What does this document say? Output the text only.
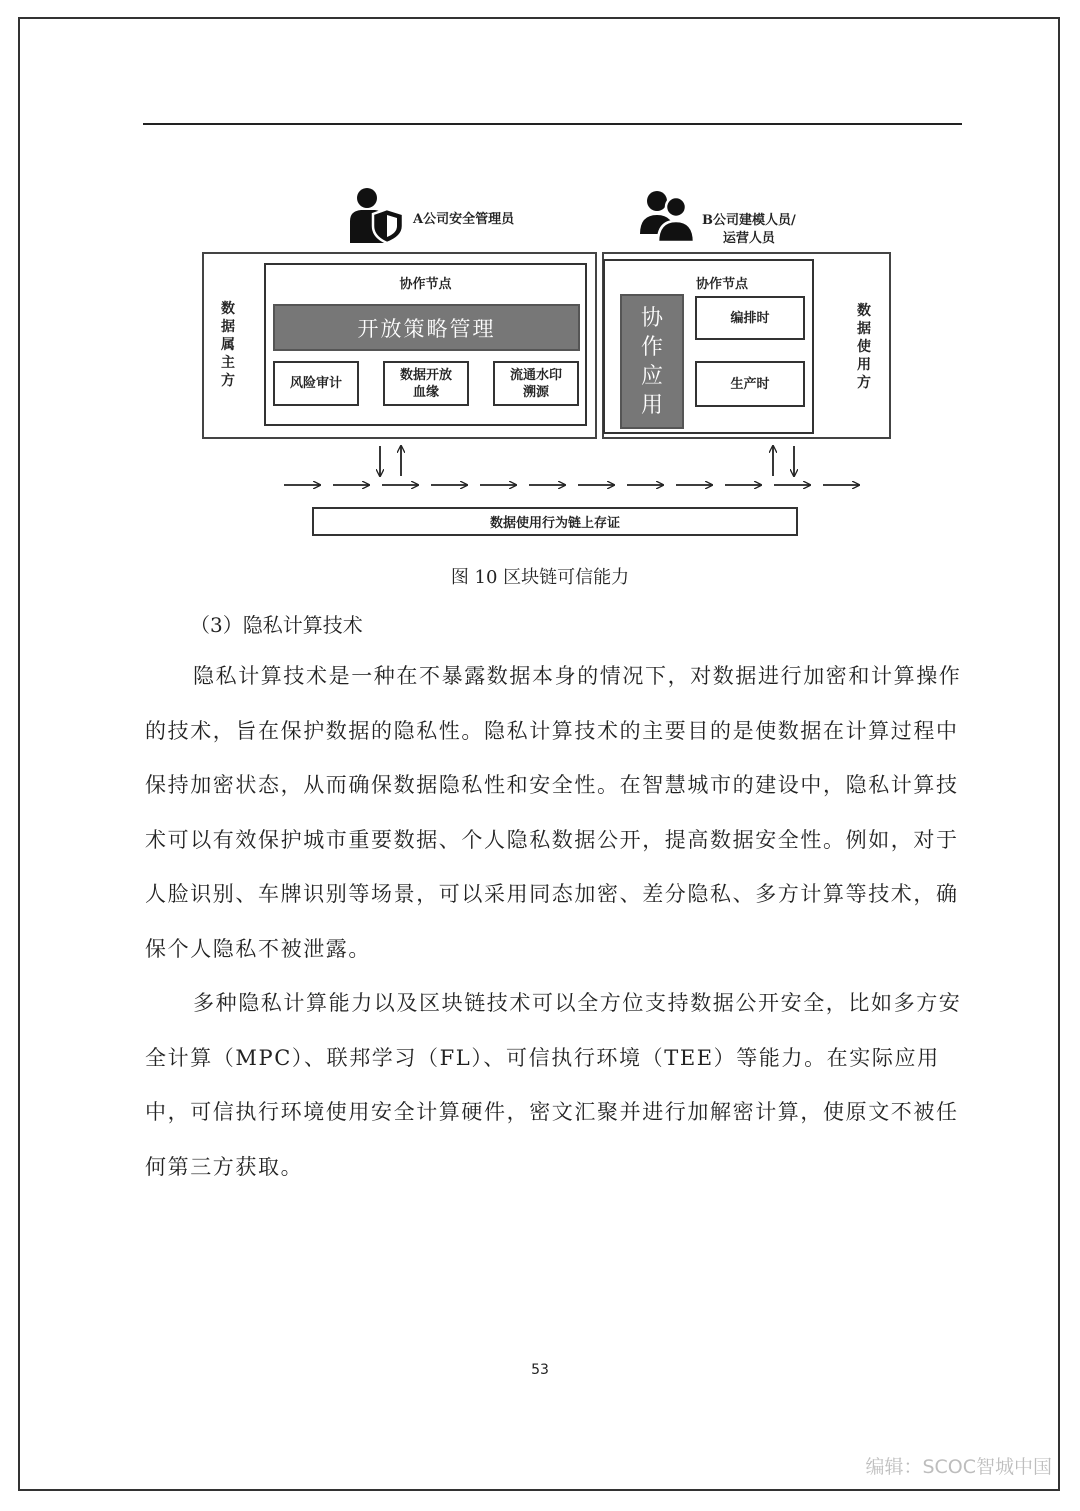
A公司安全管理员	B公司建模人员/
运营人员
数据属主方
数据使用方
协作节点	协作节点
开放策略管理
风险审计
数据开放
血缘
流通水印
溯源
协作应用
编排时
生产时
数据使用行为链上存证
图 10 区块链可信能力
（3）隐私计算技术

隐私计算技术是一种在不暴露数据本身的情况下，对数据进行加密和计算操作的技术，旨在保护数据的隐私性。隐私计算技术的主要目的是使数据在计算过程中保持加密状态，从而确保数据隐私性和安全性。在智慧城市的建设中，隐私计算技术可以有效保护城市重要数据、个人隐私数据公开，提高数据安全性。例如，对于人脸识别、车牌识别等场景，可以采用同态加密、差分隐私、多方计算等技术，确保个人隐私不被泄露。

多种隐私计算能力以及区块链技术可以全方位支持数据公开安全，比如多方安全计算（MPC）、联邦学习（FL）、可信执行环境（TEE）等能力。在实际应用中，可信执行环境使用安全计算硬件，密文汇聚并进行加解密计算，使原文不被任何第三方获取。

53
编辑：SCOC智城中国
